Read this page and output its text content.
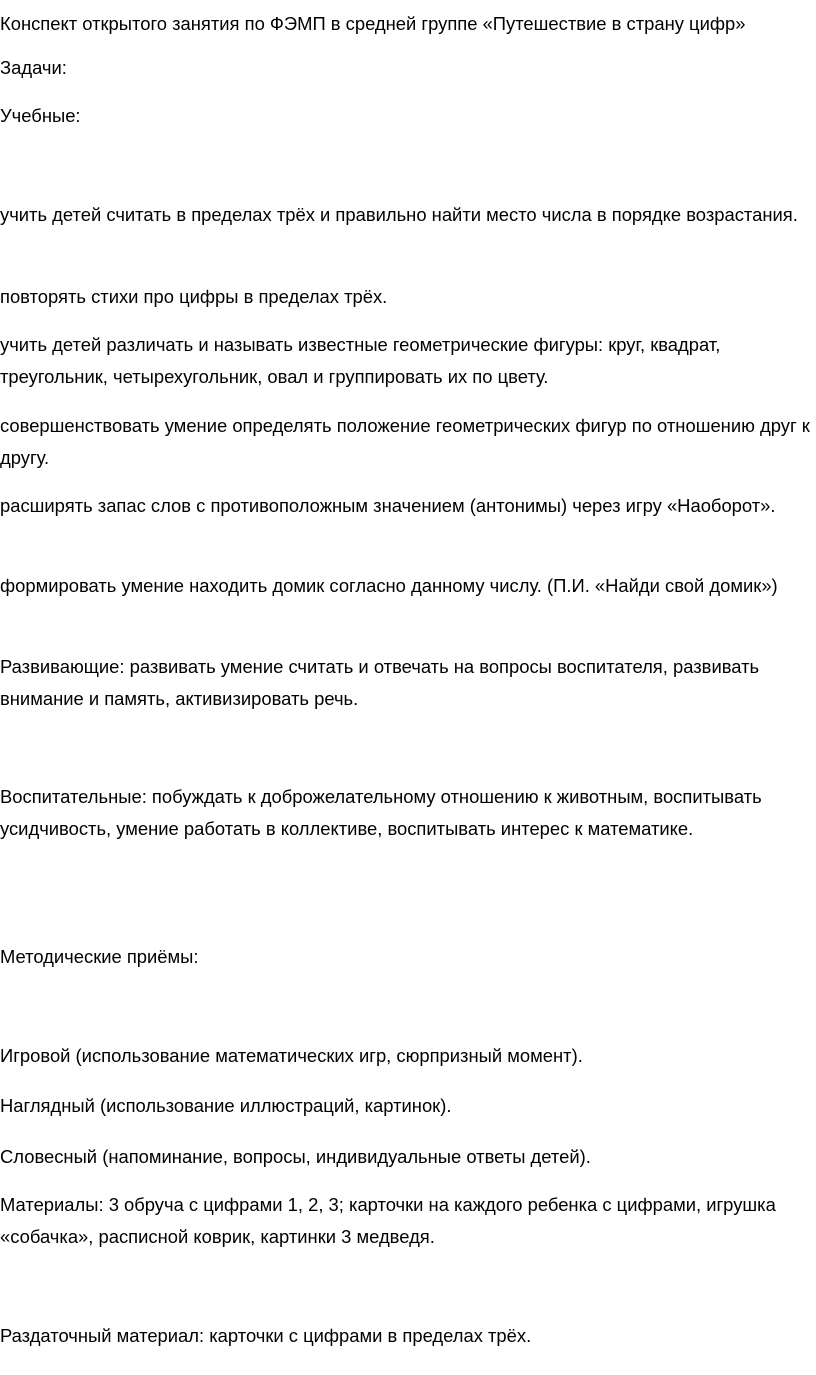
Конспект открытого занятия по ФЭМП в средней группе «Путешествие в страну цифр»

Задачи:

Учебные:

учить детей считать в пределах трёх и правильно найти место числа в порядке возрастания.

повторять стихи про цифры в пределах трёх.

учить детей различать и называть известные геометрические фигуры: круг, квадрат, треугольник, четырехугольник, овал и группировать их по цвету.

совершенствовать умение определять положение геометрических фигур по отношению друг к другу.

расширять запас слов с противоположным значением (антонимы) через игру «Наоборот».

формировать умение находить домик согласно данному числу. (П.И. «Найди свой домик»)

Развивающие: развивать умение считать и отвечать на вопросы воспитателя, развивать внимание и память, активизировать речь.

Воспитательные: побуждать к доброжелательному отношению к животным, воспитывать усидчивость, умение работать в коллективе, воспитывать интерес к математике.

Методические приёмы:

Игровой (использование математических игр, сюрпризный момент).

Наглядный (использование иллюстраций, картинок).

Словесный (напоминание, вопросы, индивидуальные ответы детей).

Материалы: 3 обруча с цифрами 1, 2, 3; карточки на каждого ребенка с цифрами, игрушка «собачка», расписной коврик, картинки 3 медведя.

Раздаточный материал: карточки с цифрами в пределах трёх.
